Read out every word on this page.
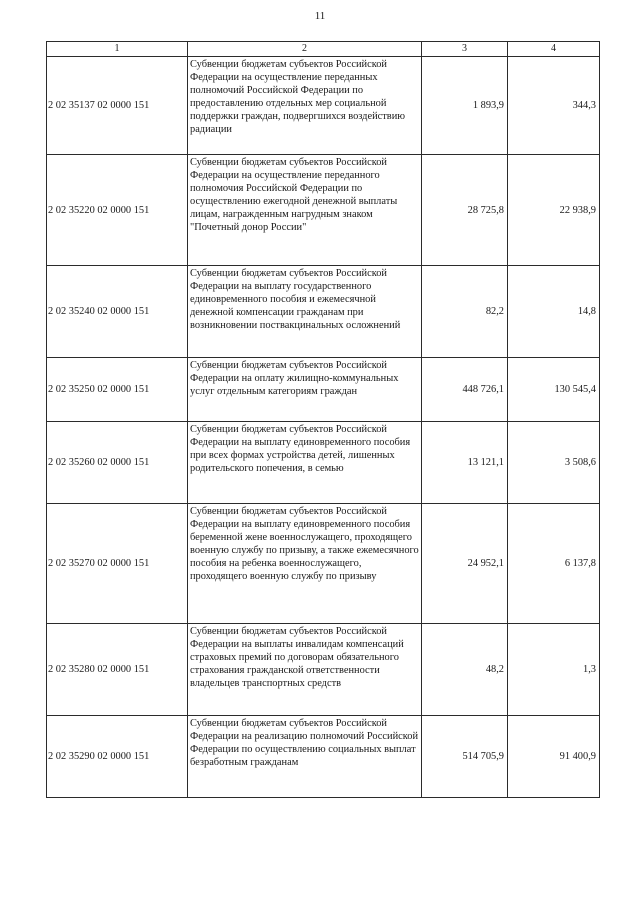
11
1	2	3	4
2 02 35137 02 0000 151	Субвенции бюджетам субъектов Российской Федерации на осуществление переданных полномочий Российской Федерации по предоставлению отдельных мер социальной поддержки граждан, подвергшихся воздействию радиации	1 893,9	344,3
2 02 35220 02 0000 151	Субвенции бюджетам субъектов Российской Федерации на осуществление переданного полномочия Российской Федерации по осуществлению ежегодной денежной выплаты лицам, награжденным нагрудным знаком "Почетный донор России"	28 725,8	22 938,9
2 02 35240 02 0000 151	Субвенции бюджетам субъектов Российской Федерации на выплату государственного единовременного пособия и ежемесячной денежной компенсации гражданам при возникновении поствакцинальных осложнений	82,2	14,8
2 02 35250 02 0000 151	Субвенции бюджетам субъектов Российской Федерации на оплату жилищно-коммунальных услуг отдельным категориям граждан	448 726,1	130 545,4
2 02 35260 02 0000 151	Субвенции бюджетам субъектов Российской Федерации на выплату единовременного пособия при всех формах устройства детей, лишенных родительского попечения, в семью	13 121,1	3 508,6
2 02 35270 02 0000 151	Субвенции бюджетам субъектов Российской Федерации на выплату единовременного пособия беременной жене военнослужащего, проходящего военную службу по призыву, а также ежемесячного пособия на ребенка военнослужащего, проходящего военную службу по призыву	24 952,1	6 137,8
2 02 35280 02 0000 151	Субвенции бюджетам субъектов Российской Федерации на выплаты инвалидам компенсаций страховых премий по договорам обязательного страхования гражданской ответственности владельцев транспортных средств	48,2	1,3
2 02 35290 02 0000 151	Субвенции бюджетам субъектов Российской Федерации на реализацию полномочий Российской Федерации по осуществлению социальных выплат безработным гражданам	514 705,9	91 400,9
